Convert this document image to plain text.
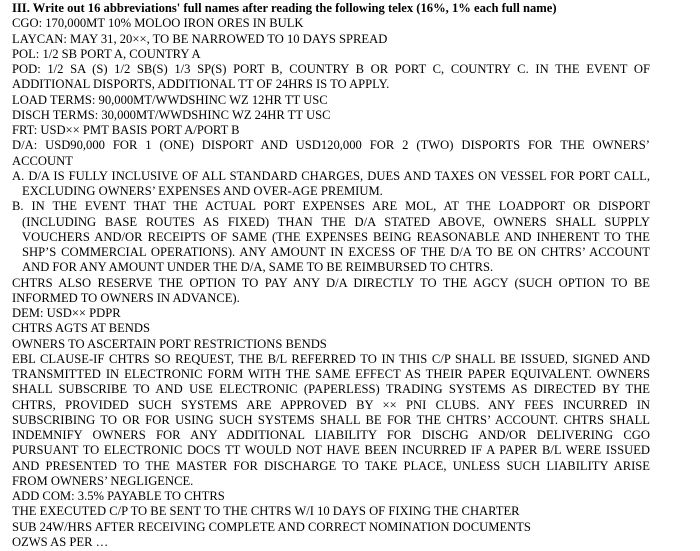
III. Write out 16 abbreviations' full names after reading the following telex (16%, 1% each full name)

CGO: 170,000MT 10% MOLOO IRON ORES IN BULK

LAYCAN: MAY 31, 20××, TO BE NARROWED TO 10 DAYS SPREAD

POL: 1/2 SB PORT A, COUNTRY A

POD: 1/2 SA (S) 1/2 SB(S) 1/3 SP(S) PORT B, COUNTRY B OR PORT C, COUNTRY C. IN THE EVENT OF

ADDITIONAL DISPORTS, ADDITIONAL TT OF 24HRS IS TO APPLY.

LOAD TERMS: 90,000MT/WWDSHINC WZ 12HR TT USC

DISCH TERMS: 30,000MT/WWDSHINC WZ 24HR TT USC

FRT: USD×× PMT BASIS PORT A/PORT B

D/A: USD90,000 FOR 1 (ONE) DISPORT AND USD120,000 FOR 2 (TWO) DISPORTS FOR THE OWNERS’

ACCOUNT

A. D/A IS FULLY INCLUSIVE OF ALL STANDARD CHARGES, DUES AND TAXES ON VESSEL FOR PORT CALL,

EXCLUDING OWNERS’ EXPENSES AND OVER-AGE PREMIUM.

B. IN THE EVENT THAT THE ACTUAL PORT EXPENSES ARE MOL, AT THE LOADPORT OR DISPORT

(INCLUDING BASE ROUTES AS FIXED) THAN THE D/A STATED ABOVE, OWNERS SHALL SUPPLY

VOUCHERS AND/OR RECEIPTS OF SAME (THE EXPENSES BEING REASONABLE AND INHERENT TO THE

SHP’S COMMERCIAL OPERATIONS). ANY AMOUNT IN EXCESS OF THE D/A TO BE ON CHTRS’ ACCOUNT

AND FOR ANY AMOUNT UNDER THE D/A, SAME TO BE REIMBURSED TO CHTRS.

CHTRS ALSO RESERVE THE OPTION TO PAY ANY D/A DIRECTLY TO THE AGCY (SUCH OPTION TO BE

INFORMED TO OWNERS IN ADVANCE).

DEM: USD×× PDPR

CHTRS AGTS AT BENDS

OWNERS TO ASCERTAIN PORT RESTRICTIONS BENDS

EBL CLAUSE-IF CHTRS SO REQUEST, THE B/L REFERRED TO IN THIS C/P SHALL BE ISSUED, SIGNED AND

TRANSMITTED IN ELECTRONIC FORM WITH THE SAME EFFECT AS THEIR PAPER EQUIVALENT. OWNERS

SHALL SUBSCRIBE TO AND USE ELECTRONIC (PAPERLESS) TRADING SYSTEMS AS DIRECTED BY THE

CHTRS, PROVIDED SUCH SYSTEMS ARE APPROVED BY ×× PNI CLUBS. ANY FEES INCURRED IN

SUBSCRIBING TO OR FOR USING SUCH SYSTEMS SHALL BE FOR THE CHTRS’ ACCOUNT. CHTRS SHALL

INDEMNIFY OWNERS FOR ANY ADDITIONAL LIABILITY FOR DISCHG AND/OR DELIVERING CGO

PURSUANT TO ELECTRONIC DOCS TT WOULD NOT HAVE BEEN INCURRED IF A PAPER B/L WERE ISSUED

AND PRESENTED TO THE MASTER FOR DISCHARGE TO TAKE PLACE, UNLESS SUCH LIABILITY ARISE

FROM OWNERS’ NEGLIGENCE.

ADD COM: 3.5% PAYABLE TO CHTRS

THE EXECUTED C/P TO BE SENT TO THE CHTRS W/I 10 DAYS OF FIXING THE CHARTER

SUB 24W/HRS AFTER RECEIVING COMPLETE AND CORRECT NOMINATION DOCUMENTS

OZWS AS PER …
